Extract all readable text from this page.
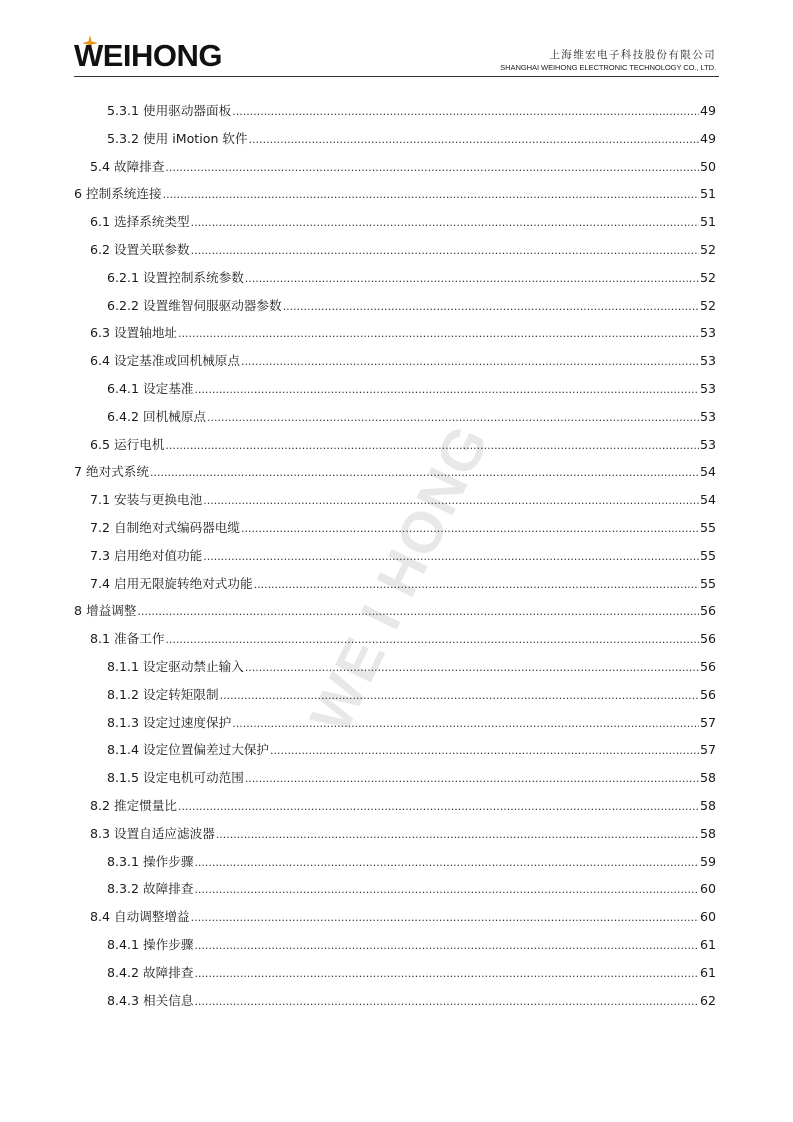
WEIHONG	上海维宏电子科技股份有限公司
SHANGHAI WEIHONG ELECTRONIC TECHNOLOGY CO., LTD.
WE I HONG
5.3.1 使用驱动器面板 .....	49
5.3.2 使用 iMotion 软件 .....	49
5.4 故障排查 .....	50
6 控制系统连接 .....	51
6.1 选择系统类型 .....	51
6.2 设置关联参数 .....	52
6.2.1 设置控制系统参数 .....	52
6.2.2 设置维智伺服驱动器参数 .....	52
6.3 设置轴地址 .....	53
6.4 设定基准或回机械原点 .....	53
6.4.1 设定基准 .....	53
6.4.2 回机械原点 .....	53
6.5 运行电机 .....	53
7 绝对式系统 .....	54
7.1 安装与更换电池 .....	54
7.2 自制绝对式编码器电缆 .....	55
7.3 启用绝对值功能 .....	55
7.4 启用无限旋转绝对式功能 .....	55
8 增益调整 .....	56
8.1 准备工作 .....	56
8.1.1 设定驱动禁止输入 .....	56
8.1.2 设定转矩限制 .....	56
8.1.3 设定过速度保护 .....	57
8.1.4 设定位置偏差过大保护 .....	57
8.1.5 设定电机可动范围 .....	58
8.2 推定惯量比 .....	58
8.3 设置自适应滤波器 .....	58
8.3.1 操作步骤 .....	59
8.3.2 故障排查 .....	60
8.4 自动调整增益 .....	60
8.4.1 操作步骤 .....	61
8.4.2 故障排查 .....	61
8.4.3 相关信息 .....	62
